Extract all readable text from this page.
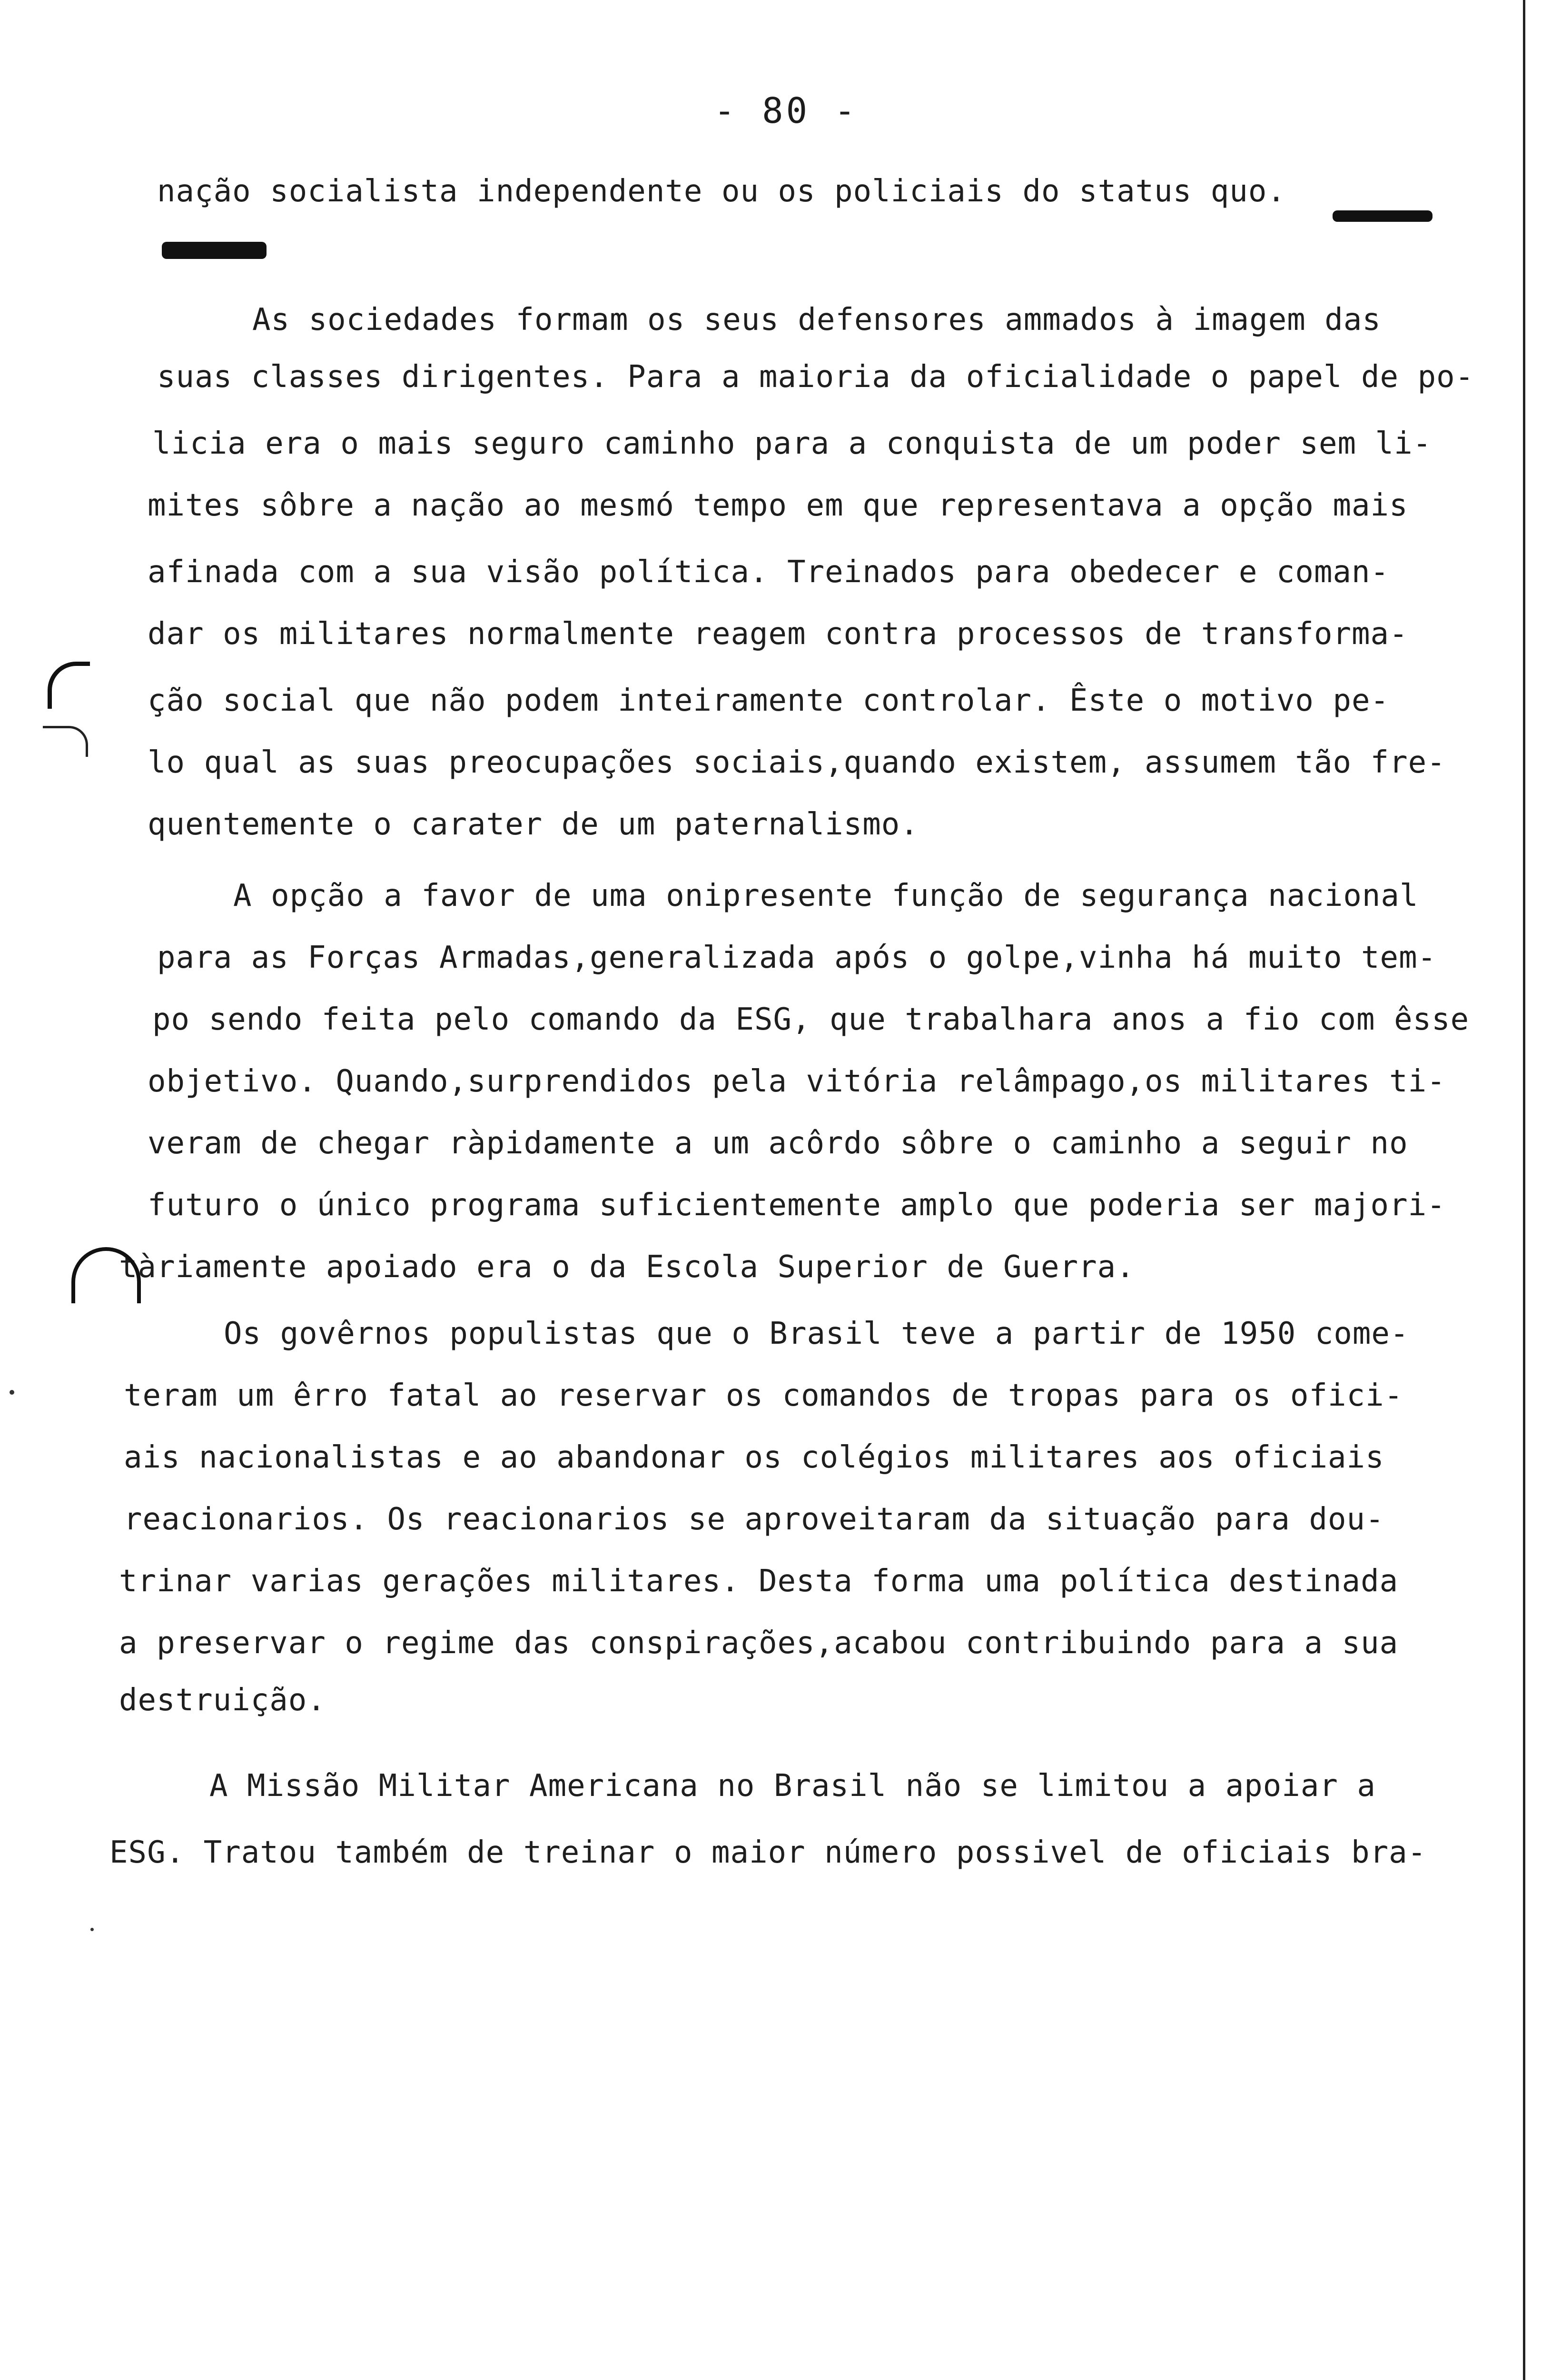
- 80 -
nação socialista independente ou os policiais do status quo.
As sociedades formam os seus defensores ammados à imagem das
suas classes dirigentes. Para a maioria da oficialidade o papel de po-
licia era o mais seguro caminho para a conquista de um poder sem li-
mites sôbre a nação ao mesmó tempo em que representava a opção mais
afinada com a sua visão política. Treinados para obedecer e coman-
dar os militares normalmente reagem contra processos de transforma-
ção social que não podem inteiramente controlar. Êste o motivo pe-
lo qual as suas preocupações sociais,quando existem, assumem tão fre-
quentemente o carater de um paternalismo.
A opção a favor de uma onipresente função de segurança nacional
para as Forças Armadas,generalizada após o golpe,vinha há muito tem-
po sendo feita pelo comando da ESG, que trabalhara anos a fio com êsse
objetivo. Quando,surprendidos pela vitória relâmpago,os militares ti-
veram de chegar ràpidamente a um acôrdo sôbre o caminho a seguir no
futuro o único programa suficientemente amplo que poderia ser majori-
tàriamente apoiado era o da Escola Superior de Guerra.
Os govêrnos populistas que o Brasil teve a partir de 1950 come-
teram um êrro fatal ao reservar os comandos de tropas para os ofici-
ais nacionalistas e ao abandonar os colégios militares aos oficiais
reacionarios. Os reacionarios se aproveitaram da situação para dou-
trinar varias gerações militares. Desta forma uma política destinada
a preservar o regime das conspirações,acabou contribuindo para a sua
destruição.
A Missão Militar Americana no Brasil não se limitou a apoiar a
ESG. Tratou também de treinar o maior número possivel de oficiais bra-
